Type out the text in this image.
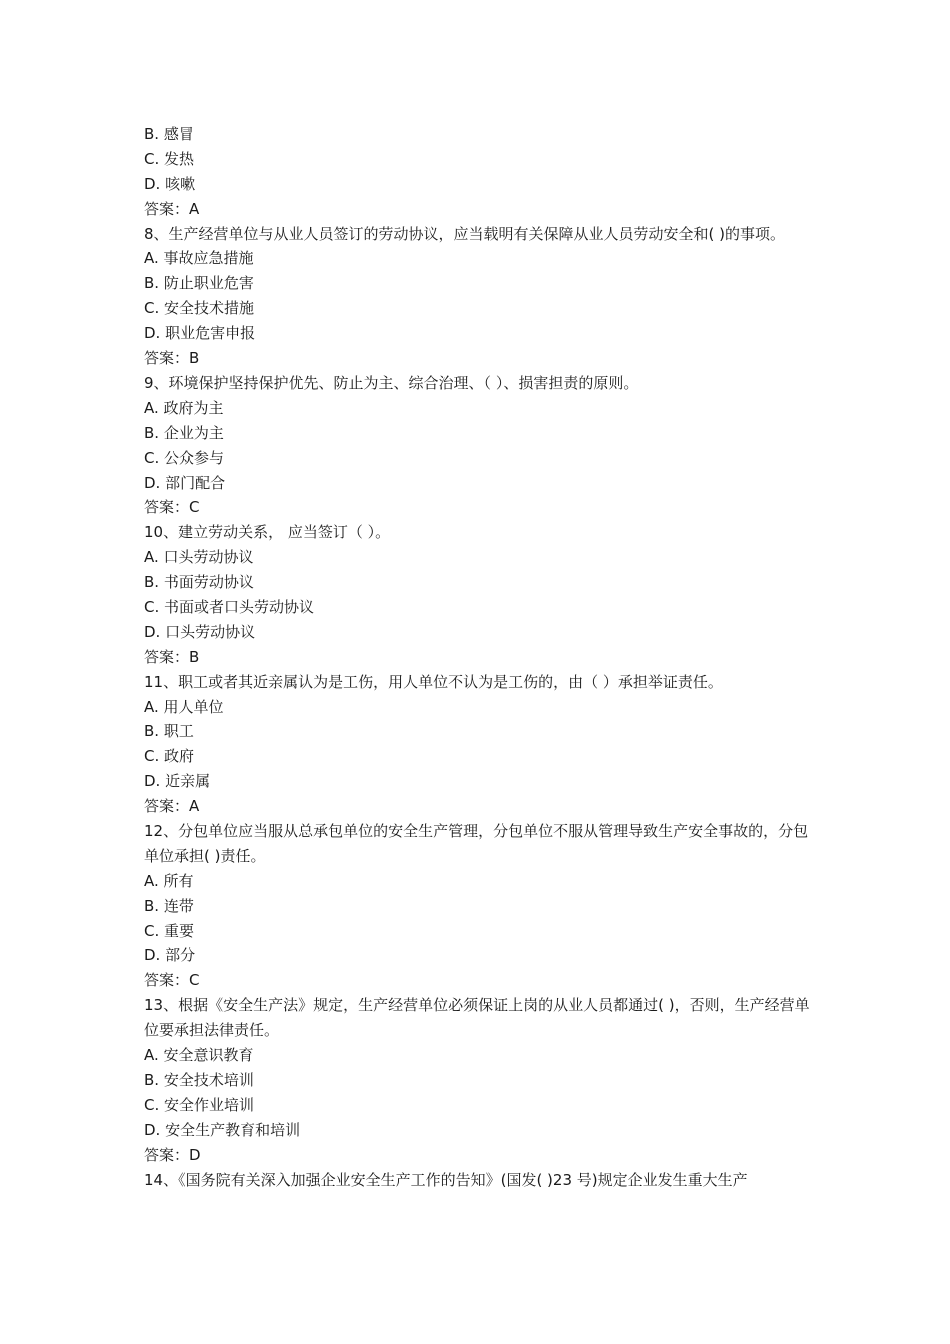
B. 感冒
C. 发热
D. 咳嗽
答案：A
8、生产经营单位与从业人员签订的劳动协议，应当载明有关保障从业人员劳动安全和( )的事项。
A. 事故应急措施
B. 防止职业危害
C. 安全技术措施
D. 职业危害申报
答案：B
9、环境保护坚持保护优先、防止为主、综合治理、（ ）、损害担责的原则。
A. 政府为主
B. 企业为主
C. 公众参与
D. 部门配合
答案：C
10、建立劳动关系， 应当签订（ ）。
A. 口头劳动协议
B. 书面劳动协议
C. 书面或者口头劳动协议
D. 口头劳动协议
答案：B
11、职工或者其近亲属认为是工伤，用人单位不认为是工伤的，由（ ）承担举证责任。
A. 用人单位
B. 职工
C. 政府
D. 近亲属
答案：A
12、分包单位应当服从总承包单位的安全生产管理，分包单位不服从管理导致生产安全事故的，分包单位承担( )责任。
A. 所有
B. 连带
C. 重要
D. 部分
答案：C
13、根据《安全生产法》规定，生产经营单位必须保证上岗的从业人员都通过( )，否则，生产经营单位要承担法律责任。
A. 安全意识教育
B. 安全技术培训
C. 安全作业培训
D. 安全生产教育和培训
答案：D
14、《国务院有关深入加强企业安全生产工作的告知》(国发( )23 号)规定企业发生重大生产
